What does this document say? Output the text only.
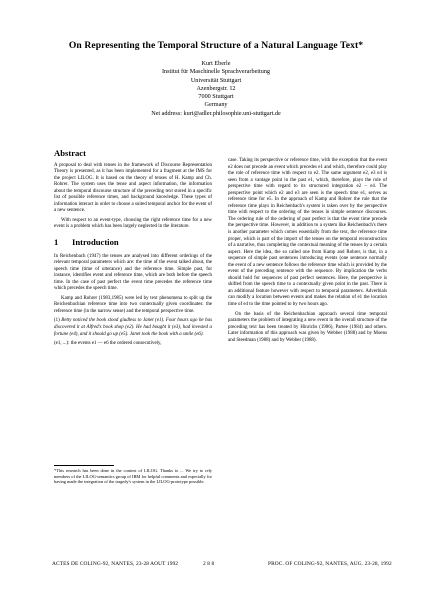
On Representing the Temporal Structure of a Natural Language Text*
Kurt Eberle
Institut für Maschinelle Sprachverarbeitung
Universität Stuttgart
Azenbergstr. 12
7000 Stuttgart
Germany
Net address: kurt@adler.philosophie.uni-stuttgart.de
Abstract

A proposal to deal with tenses in the framework of Discourse Representation Theory is presented, as it has been implemented for a fragment at the IMS for the project LILOG. It is based on the theory of tenses of H. Kamp and Ch. Rohrer. The system uses the tense and aspect information, the information about the temporal discourse structure of the preceding text stored in a specific list of possible reference times, and background knowledge. These types of information interact in order to choose a suited temporal anchor for the event of a new sentence.

With respect to an event-type, choosing the right reference time for a new event is a problem which has been largely neglected in the literature.

1 Introduction

In Reichenbach (1947) the tenses are analysed into different orderings of the relevant temporal parameters which are: the time of the event talked about, the speech time (time of utterance) and the reference time. Simple past, for instance, identifies event and reference time, which are both before the speech time. In the case of past perfect the event time precedes the reference time which precedes the speech time.

Kamp and Rohrer (1983,1985) were led by text phenomena to split up the Reichenbachian reference time into two contextually given coordinates: the reference time (in the narrow sense) and the temporal perspective time.

(1) Betty noticed the book stood giudless to Janet (e1). Four hours ago he has discovered it at Alfred's book shop (e2). He had bought it (e3), had invested a fortune (e4), and it should go up (e5). Janet took the book with a smile (e6).

(e1, ...): the events e1 — e6 the ordered consecutively,

*This research has been done in the context of LILOG. Thanks to ... We try to rely members of the LILOG-semantics group of IBM for helpful comments and especially for having made the integration of the tragedy's system in the LILOG-prototype possible.

case. Taking its perspective or reference time, with the exception that the event e2 does not precede an event which precedes e1 and which, therefore could play the role of reference time with respect to e2. The same argument e2, e3 e4 is seen from a vantage point in the past e1, which, therefore, plays the role of perspective time with regard to its structured integration e2 – e4. The perspective point which e2 and e3 are seen is the speech time e1, serves as reference time for e5. In the approach of Kamp and Rohrer the rule that the reference time plays in Reichenbach's system is taken over by the perspective time with respect to the ordering of the tenses in simple sentence discourses. The ordering rule of the ordering of past perfect is that the event time precede the perspective time. However, in addition to a system like Reichenbach's there is another parameter which comes essentially from the text, the reference time proper, which is part of the import of the tenses on the temporal reconstruction of a narrative, thus completing the contextual meaning of the tenses by a certain aspect. Here the idea, the so called one from Kamp and Rohrer, is that, in a sequence of simple past sentences introducing events (one sentence normally the event of a new sentence follows the reference time which is provided by the event of the preceding sentence with the sequence. By implication the verbs should hold for sequences of past perfect sentences. Here, the perspective is shifted from the speech time to a contextually given point in the past. There is an additional feature however with respect to temporal parameters. Adverbials can modify a location between events and makes the relation of e1 the location time of e4 to the time pointed to by two hours ago.

On the basis of the Reichenbachian approach several time temporal parameters the problem of integrating a new event in the overall structure of the preceding text has been treated by Hinrichs (1986), Partee (1984) and others. Later information of this approach was given by Webber (1988) and by Moens and Steedman (1988) and by Webber (1988).

ACTES DE COLING-92, NANTES, 23-28 AOUT 1992	2 8 8	PROC. OF COLING-92, NANTES, AUG. 23-28, 1992
